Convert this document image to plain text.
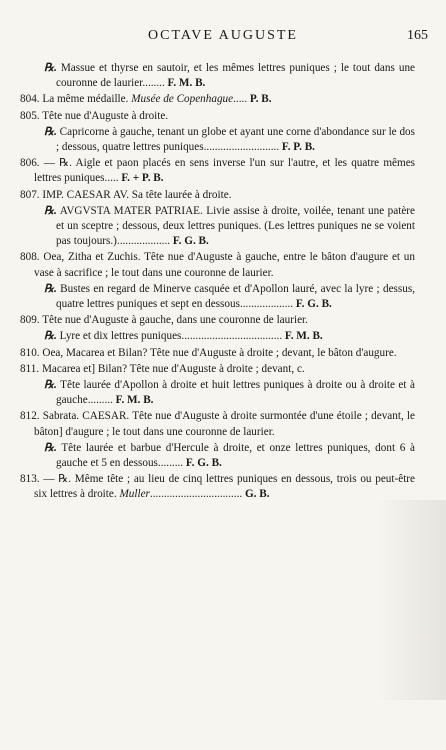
OCTAVE AUGUSTE	165

℞. Massue et thyrse en sautoir, et les mêmes lettres puniques ; le tout dans une couronne de laurier........ F. M. B.

804. La même médaille. Musée de Copenhague..... P. B.

805. Tête nue d'Auguste à droite.

℞. Capricorne à gauche, tenant un globe et ayant une corne d'abondance sur le dos ; dessous, quatre lettres puniques........................... F. P. B.

806. — ℞. Aigle et paon placés en sens inverse l'un sur l'autre, et les quatre mêmes lettres puniques..... F. + P. B.

807. IMP. CAESAR AV. Sa tête laurée à droite.

℞. AVGVSTA MATER PATRIAE. Livie assise à droite, voilée, tenant une patère et un sceptre ; dessous, deux lettres puniques. (Les lettres puniques ne se voient pas toujours.)................... F. G. B.

808. Oea, Zitha et Zuchis. Tête nue d'Auguste à gauche, entre le bâton d'augure et un vase à sacrifice ; le tout dans une couronne de laurier.

℞. Bustes en regard de Minerve casquée et d'Apollon lauré, avec la lyre ; dessus, quatre lettres puniques et sept en dessous................... F. G. B.

809. Tête nue d'Auguste à gauche, dans une couronne de laurier.

℞. Lyre et dix lettres puniques.................................... F. M. B.

810. Oea, Macarea et Bilan? Tête nue d'Auguste à droite ; devant, le bâton d'augure.

811. Macarea et] Bilan? Tête nue d'Auguste à droite ; devant, c.

℞. Tête laurée d'Apollon à droite et huit lettres puniques à droite ou à droite et à gauche......... F. M. B.

812. Sabrata. CAESAR. Tête nue d'Auguste à droite surmontée d'une étoile ; devant, le bâton] d'augure ; le tout dans une couronne de laurier.

℞. Tête laurée et barbue d'Hercule à droite, et onze lettres puniques, dont 6 à gauche et 5 en dessous......... F. G. B.

813. — ℞. Même tête ; au lieu de cinq lettres puniques en dessous, trois ou peut-être six lettres à droite. Muller................................. G. B.
